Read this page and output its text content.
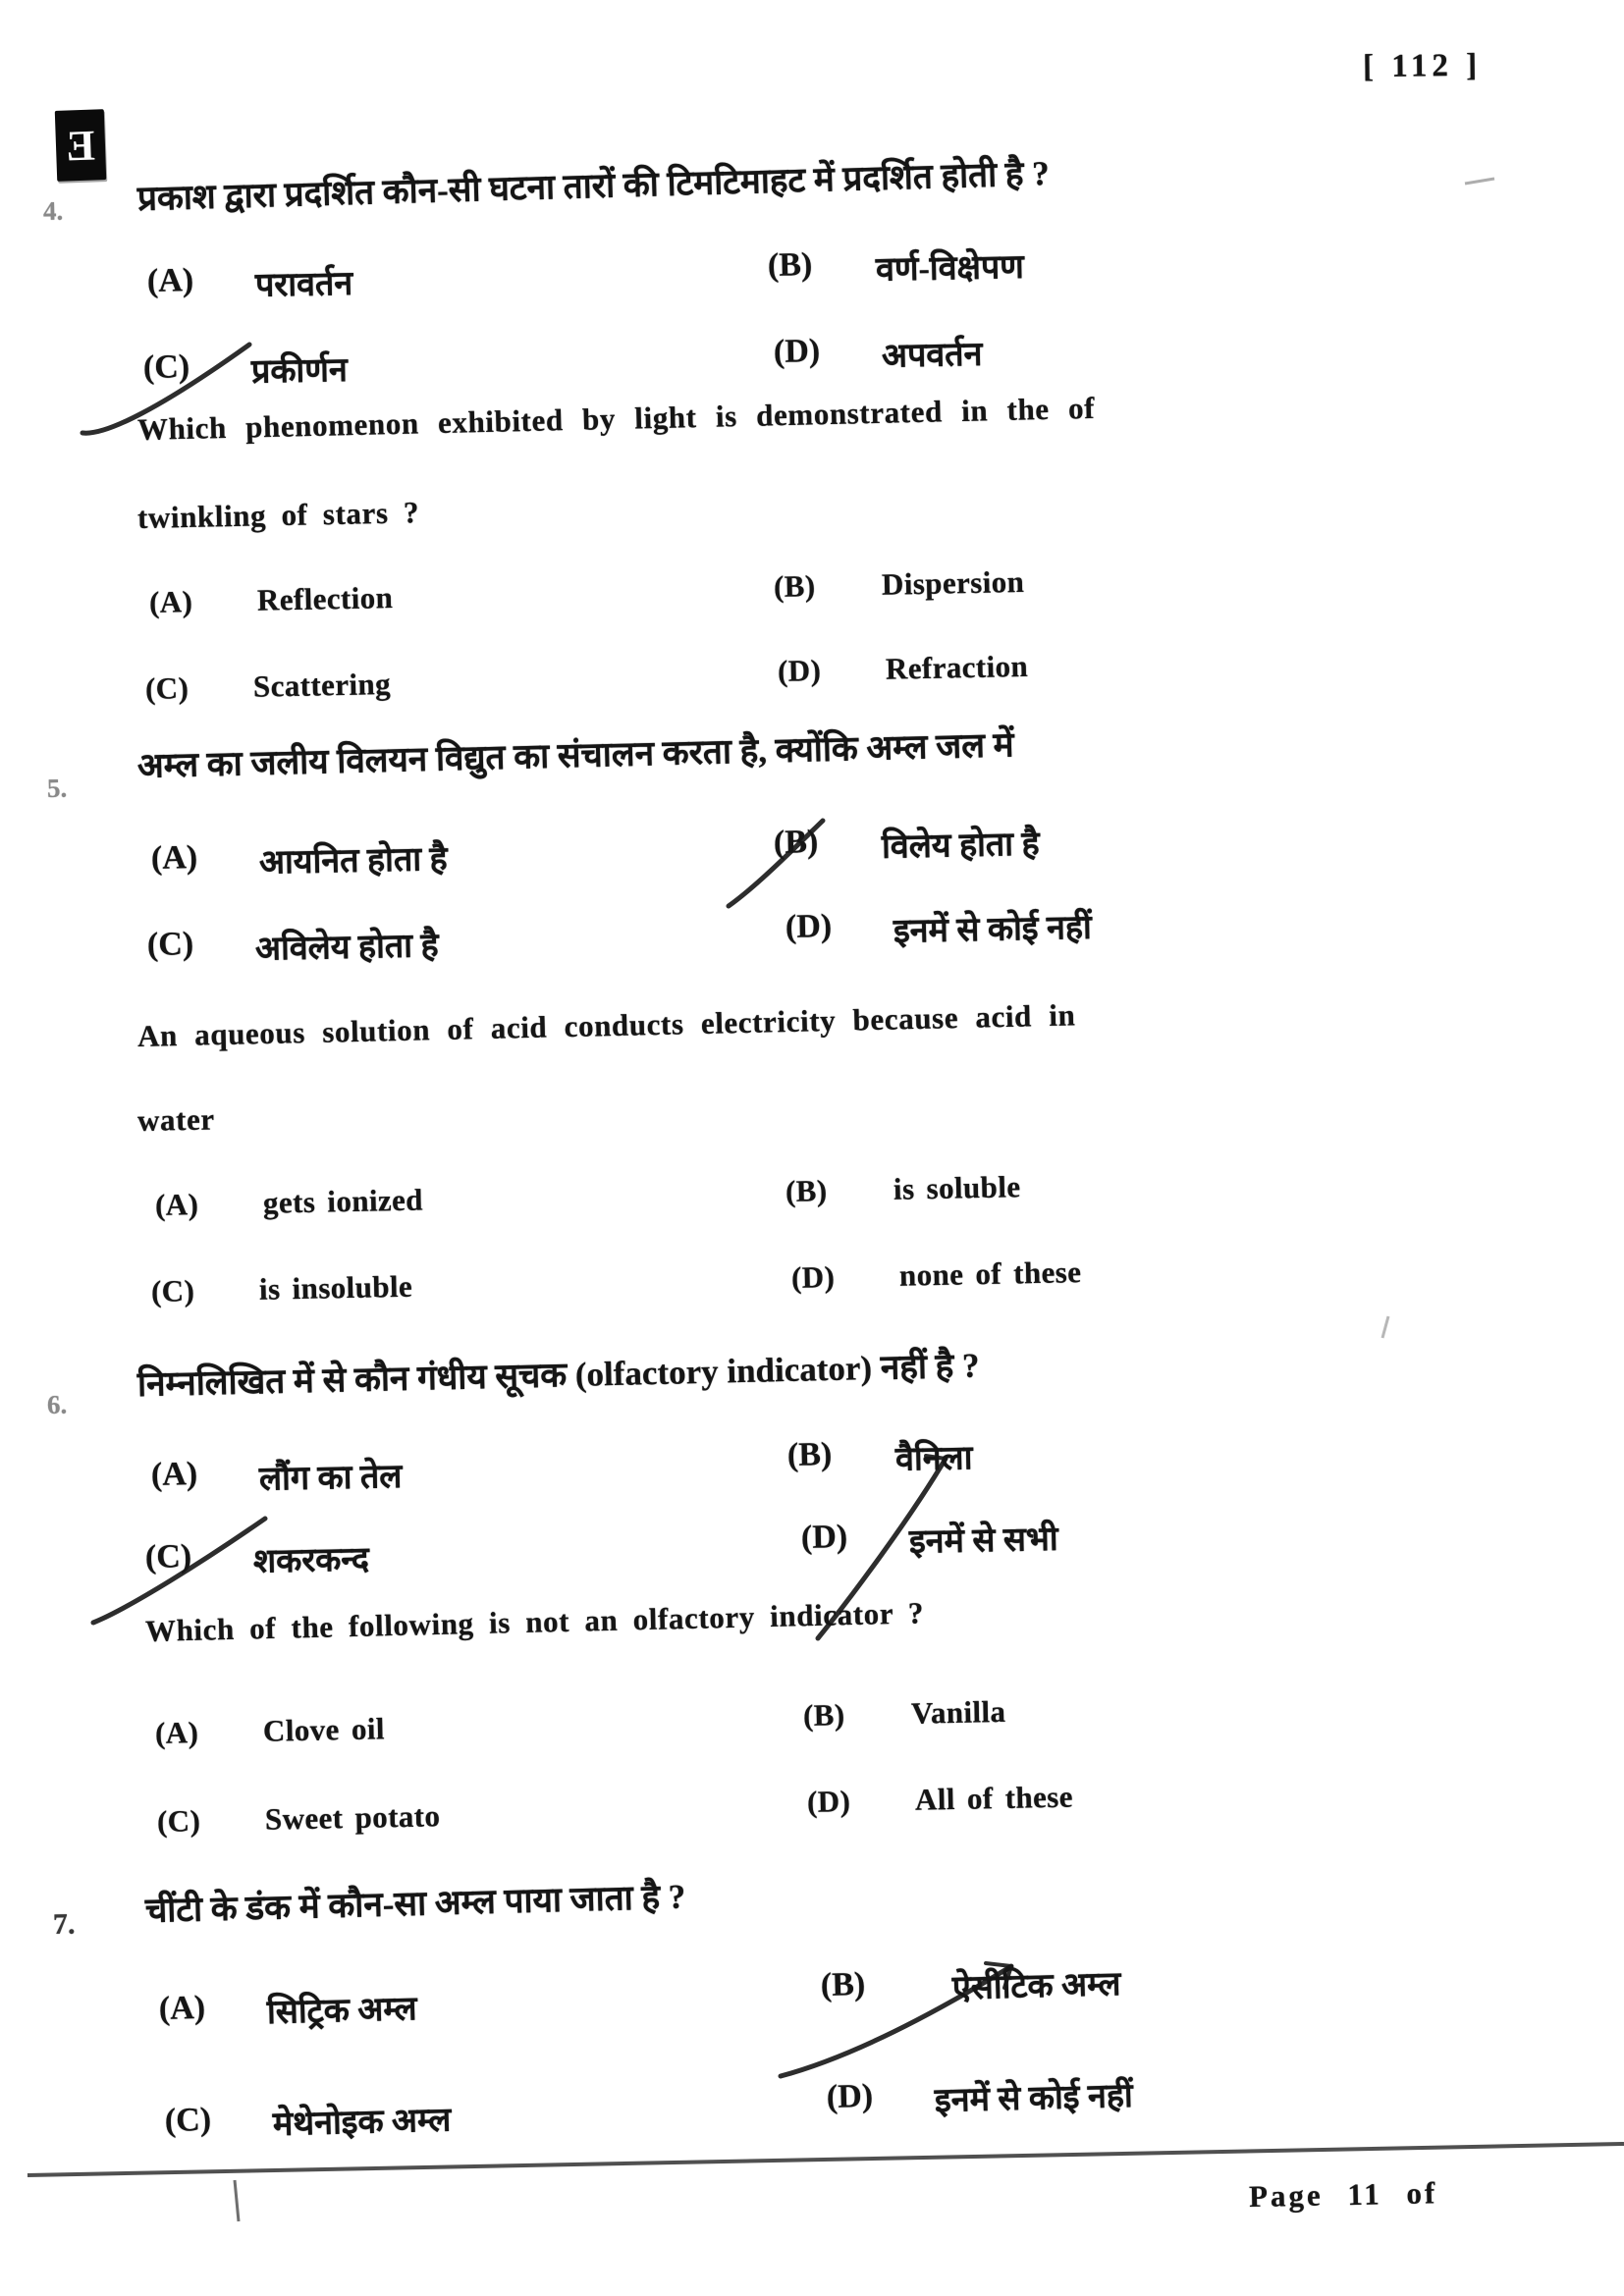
Ǝ
[ 112 ]
4. प्रकाश द्वारा प्रदर्शित कौन-सी घटना तारों की टिमटिमाहट में प्रदर्शित होती है ?
(A) परावर्तन
(B)	वर्ण-विक्षेपण
(C) प्रकीर्णन
(D) अपवर्तन
Which phenomenon exhibited by light is demonstrated in the of
twinkling of stars ?
(A)	Reflection	(B)	Dispersion
(C)	Scattering	(D)	Refraction
5.
अम्ल का जलीय विलयन विद्युत का संचालन करता है, क्योंकि अम्ल जल में
(A) आयनित होता है	(B)	विलेय होता है
(C) अविलेय होता है
(D) इनमें से कोई नहीं
An aqueous solution of acid conducts electricity because acid in
water
(A)	gets ionized	(B)	is soluble
(C)	is insoluble	(D)	none of these
6.
निम्नलिखित में से कौन गंधीय सूचक (olfactory indicator) नहीं है ?
(A) लौंग का तेल
(B)	वैनिला
(C) शकरकन्द
(D) इनमें से सभी
Which of the following is not an olfactory indicator ?
(A)	Clove oil	(B)	Vanilla
(C)	Sweet potato	(D)	All of these
7. चींटी के डंक में कौन-सा अम्ल पाया जाता है ?
(A) सिट्रिक अम्ल
(B)	ऐसीटिक अम्ल
(C) मेथेनोइक अम्ल
(D) इनमें से कोई नहीं
Page 11 of
